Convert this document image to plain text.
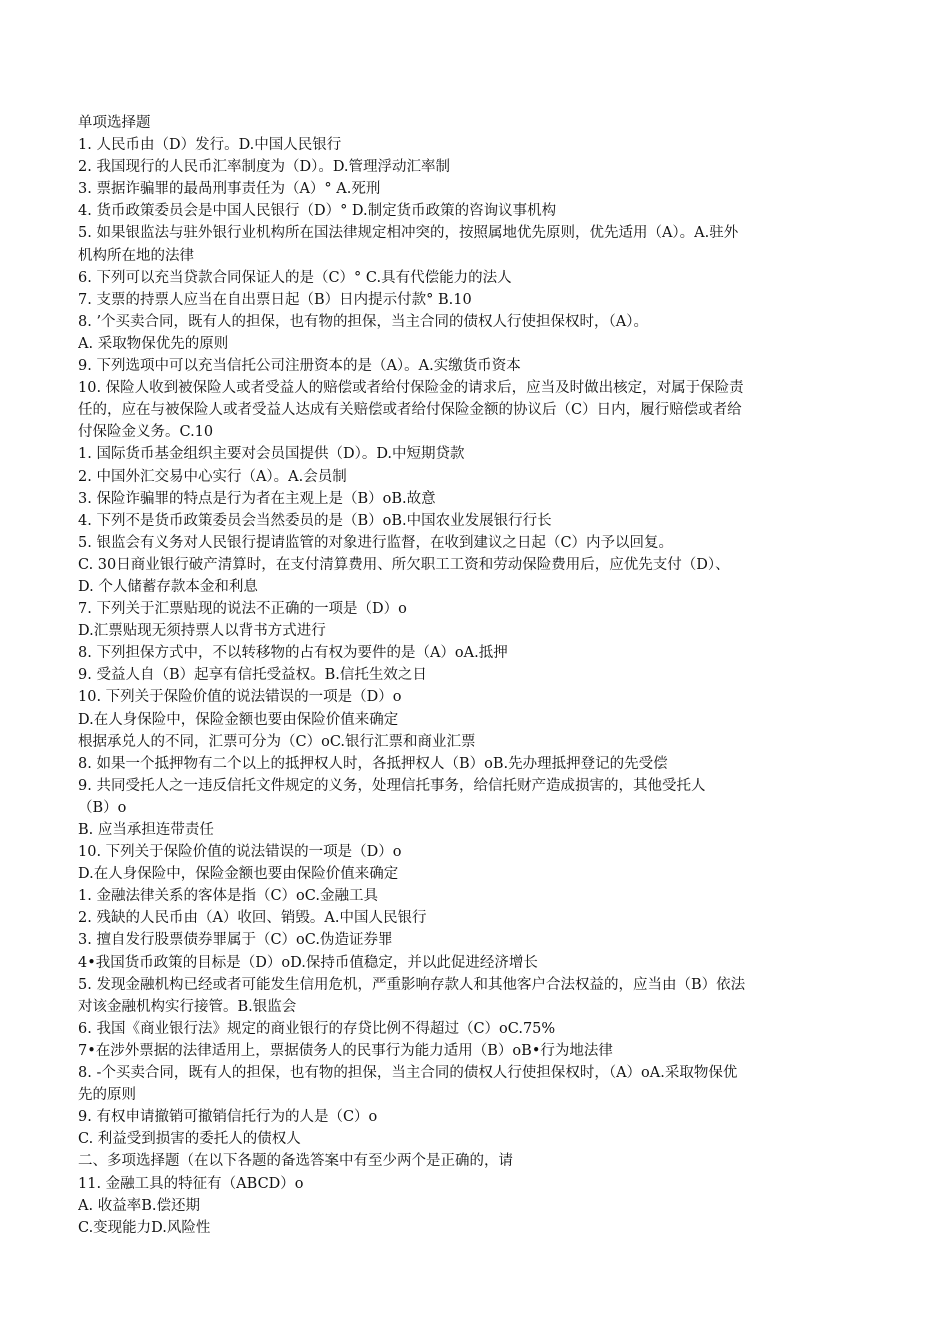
单项选择题
1. 人民币由（D）发行。D.中国人民银行
2. 我国现行的人民币汇率制度为（D）。D.管理浮动汇率制
3. 票据诈骗罪的最咼刑事责任为（A）° A.死刑
4. 货币政策委员会是中国人民银行（D）° D.制定货币政策的咨询议事机构
5. 如果银监法与驻外银行业机构所在国法律规定相冲突的，按照属地优先原则，优先适用（A）。A.驻外
机构所在地的法律
6. 下列可以充当贷款合同保证人的是（C）° C.具有代偿能力的法人
7. 支票的持票人应当在自出票日起（B）日内提示付款° B.10
8. ’个买卖合同，既有人的担保，也有物的担保，当主合同的债权人行使担保权时，（A）。
A. 采取物保优先的原则
9. 下列选项中可以充当信托公司注册资本的是（A）。A.实缴货币资本
10. 保险人收到被保险人或者受益人的赔偿或者给付保险金的请求后，应当及时做出核定，对属于保险责
任的，应在与被保险人或者受益人达成有关赔偿或者给付保险金额的协议后（C）日内，履行赔偿或者给
付保险金义务。C.10
1. 国际货币基金组织主要对会员国提供（D）。D.中短期贷款
2. 中国外汇交易中心实行（A）。A.会员制
3. 保险诈骗罪的特点是行为者在主观上是（B）oB.故意
4. 下列不是货币政策委员会当然委员的是（B）oB.中国农业发展银行行长
5. 银监会有义务对人民银行提请监管的对象进行监督，在收到建议之日起（C）内予以回复。
C. 30日商业银行破产清算时，在支付清算费用、所欠职工工资和劳动保险费用后，应优先支付（D）、
D. 个人储蓄存款本金和利息
7. 下列关于汇票贴现的说法不正确的一项是（D）o
D.汇票贴现无须持票人以背书方式进行
8. 下列担保方式中，不以转移物的占有权为要件的是（A）oA.抵押
9. 受益人自（B）起享有信托受益权。B.信托生效之日
10. 下列关于保险价值的说法错误的一项是（D）o
D.在人身保险中，保险金额也要由保险价值来确定
根据承兑人的不同，汇票可分为（C）oC.银行汇票和商业汇票
8. 如果一个抵押物有二个以上的抵押权人时，各抵押权人（B）oB.先办理抵押登记的先受偿
9. 共同受托人之一违反信托文件规定的义务，处理信托事务，给信托财产造成损害的，其他受托人
（B）o
B. 应当承担连带责任
10. 下列关于保险价值的说法错误的一项是（D）o
D.在人身保险中，保险金额也要由保险价值来确定
1. 金融法律关系的客体是指（C）oC.金融工具
2. 残缺的人民币由（A）收回、销毁。A.中国人民银行
3. 擅自发行股票债券罪属于（C）oC.伪造证券罪
4•我国货币政策的目标是（D）oD.保持币值稳定，并以此促进经济增长
5. 发现金融机构已经或者可能发生信用危机，严重影响存款人和其他客户合法权益的，应当由（B）依法
对该金融机构实行接管。B.银监会
6. 我国《商业银行法》规定的商业银行的存贷比例不得超过（C）oC.75%
7•在涉外票据的法律适用上，票据债务人的民事行为能力适用（B）oB•行为地法律
8. -个买卖合同，既有人的担保，也有物的担保，当主合同的债权人行使担保权时，（A）oA.采取物保优
先的原则
9. 有权申请撤销可撤销信托行为的人是（C）o
C. 利益受到损害的委托人的债权人
二、多项选择题（在以下各题的备选答案中有至少两个是正确的，请
11. 金融工具的特征有（ABCD）o
A. 收益率B.偿还期
C.变现能力D.风险性
